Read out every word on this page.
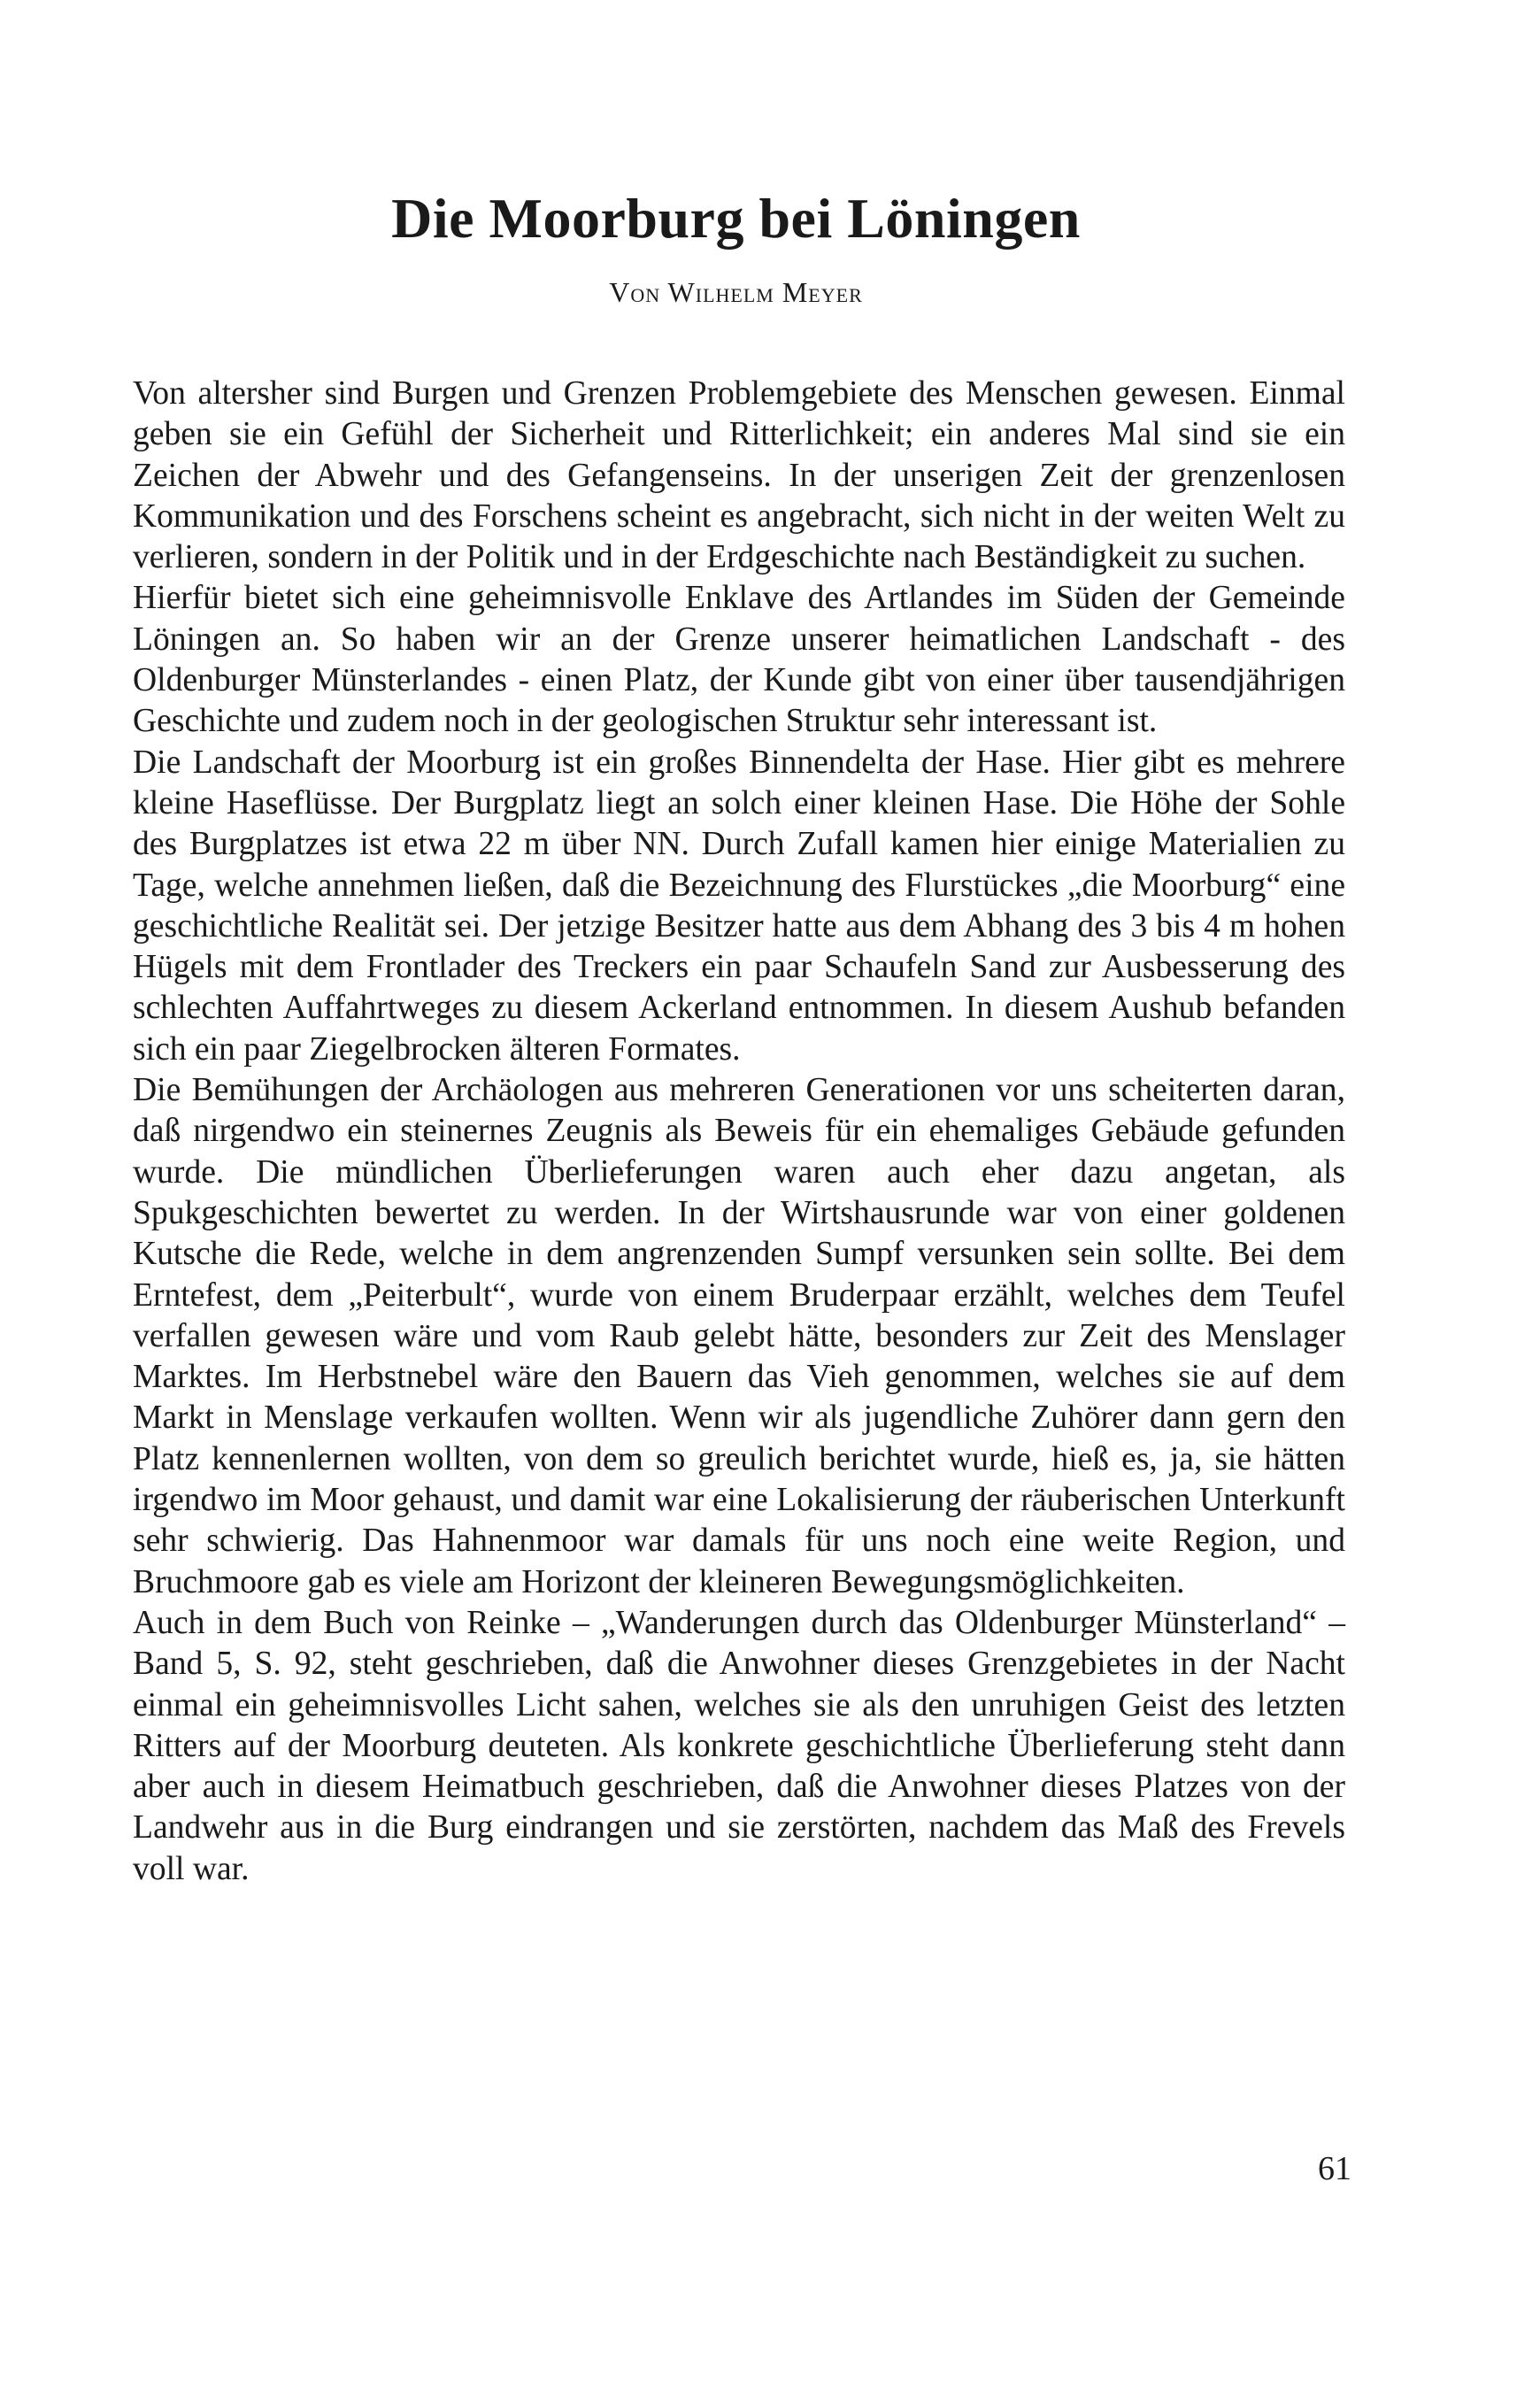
Die Moorburg bei Löningen

Von Wilhelm Meyer

Von altersher sind Burgen und Grenzen Problemgebiete des Menschen gewesen. Einmal geben sie ein Gefühl der Sicherheit und Ritterlichkeit; ein anderes Mal sind sie ein Zeichen der Abwehr und des Gefangenseins. In der unserigen Zeit der grenzenlosen Kommunikation und des Forschens scheint es angebracht, sich nicht in der weiten Welt zu verlieren, sondern in der Politik und in der Erdgeschichte nach Beständigkeit zu suchen.

Hierfür bietet sich eine geheimnisvolle Enklave des Artlandes im Süden der Gemeinde Löningen an. So haben wir an der Grenze unserer heimatlichen Landschaft - des Oldenburger Münsterlandes - einen Platz, der Kunde gibt von einer über tausendjährigen Geschichte und zudem noch in der geologischen Struktur sehr interessant ist.

Die Landschaft der Moorburg ist ein großes Binnendelta der Hase. Hier gibt es mehrere kleine Haseflüsse. Der Burgplatz liegt an solch einer kleinen Hase. Die Höhe der Sohle des Burgplatzes ist etwa 22 m über NN. Durch Zufall kamen hier einige Materialien zu Tage, welche annehmen ließen, daß die Bezeichnung des Flurstückes „die Moorburg“ eine geschichtliche Realität sei. Der jetzige Besitzer hatte aus dem Abhang des 3 bis 4 m hohen Hügels mit dem Frontlader des Treckers ein paar Schaufeln Sand zur Ausbesserung des schlechten Auffahrtweges zu diesem Ackerland entnommen. In diesem Aushub befanden sich ein paar Ziegelbrocken älteren Formates.

Die Bemühungen der Archäologen aus mehreren Generationen vor uns scheiterten daran, daß nirgendwo ein steinernes Zeugnis als Beweis für ein ehemaliges Gebäude gefunden wurde. Die mündlichen Überlieferungen waren auch eher dazu angetan, als Spukgeschichten bewertet zu werden. In der Wirtshausrunde war von einer goldenen Kutsche die Rede, welche in dem angrenzenden Sumpf versunken sein sollte. Bei dem Erntefest, dem „Peiterbult“, wurde von einem Bruderpaar erzählt, welches dem Teufel verfallen gewesen wäre und vom Raub gelebt hätte, besonders zur Zeit des Menslager Marktes. Im Herbstnebel wäre den Bauern das Vieh genommen, welches sie auf dem Markt in Menslage verkaufen wollten. Wenn wir als jugendliche Zuhörer dann gern den Platz kennenlernen wollten, von dem so greulich berichtet wurde, hieß es, ja, sie hätten irgendwo im Moor gehaust, und damit war eine Lokalisierung der räuberischen Unterkunft sehr schwierig. Das Hahnenmoor war damals für uns noch eine weite Region, und Bruchmoore gab es viele am Horizont der kleineren Bewegungsmöglichkeiten.

Auch in dem Buch von Reinke – „Wanderungen durch das Oldenburger Münsterland“ – Band 5, S. 92, steht geschrieben, daß die Anwohner dieses Grenzgebietes in der Nacht einmal ein geheimnisvolles Licht sahen, welches sie als den unruhigen Geist des letzten Ritters auf der Moorburg deuteten. Als konkrete geschichtliche Überlieferung steht dann aber auch in diesem Heimatbuch geschrieben, daß die Anwohner dieses Platzes von der Landwehr aus in die Burg eindrangen und sie zerstörten, nachdem das Maß des Frevels voll war.

61
